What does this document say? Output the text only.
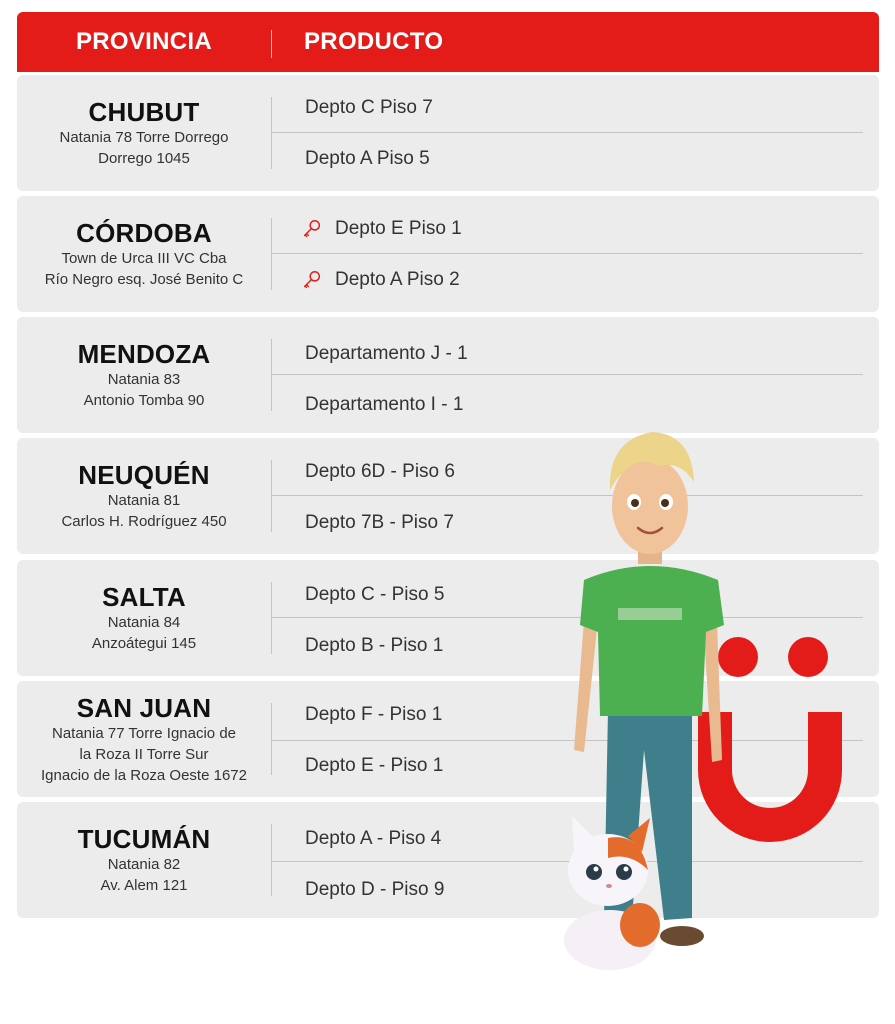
PROVINCIA	PRODUCTO
CHUBUT
Natania 78 Torre Dorrego
Dorrego 1045
Depto C Piso 7
Depto A Piso 5
CÓRDOBA
Town de Urca III VC Cba
Río Negro esq. José Benito C
Depto E Piso 1
Depto A Piso 2
MENDOZA
Natania 83
Antonio Tomba 90
Departamento J - 1
Departamento I - 1
NEUQUÉN
Natania 81
Carlos H. Rodríguez 450
Depto 6D - Piso 6
Depto 7B - Piso 7
SALTA
Natania 84
Anzoátegui 145
Depto C - Piso 5
Depto B - Piso 1
SAN JUAN
Natania 77 Torre Ignacio de
la Roza II Torre Sur
Ignacio de la Roza Oeste 1672
Depto F - Piso 1
Depto E - Piso 1
TUCUMÁN
Natania 82
Av. Alem 121
Depto A - Piso 4
Depto D - Piso 9
